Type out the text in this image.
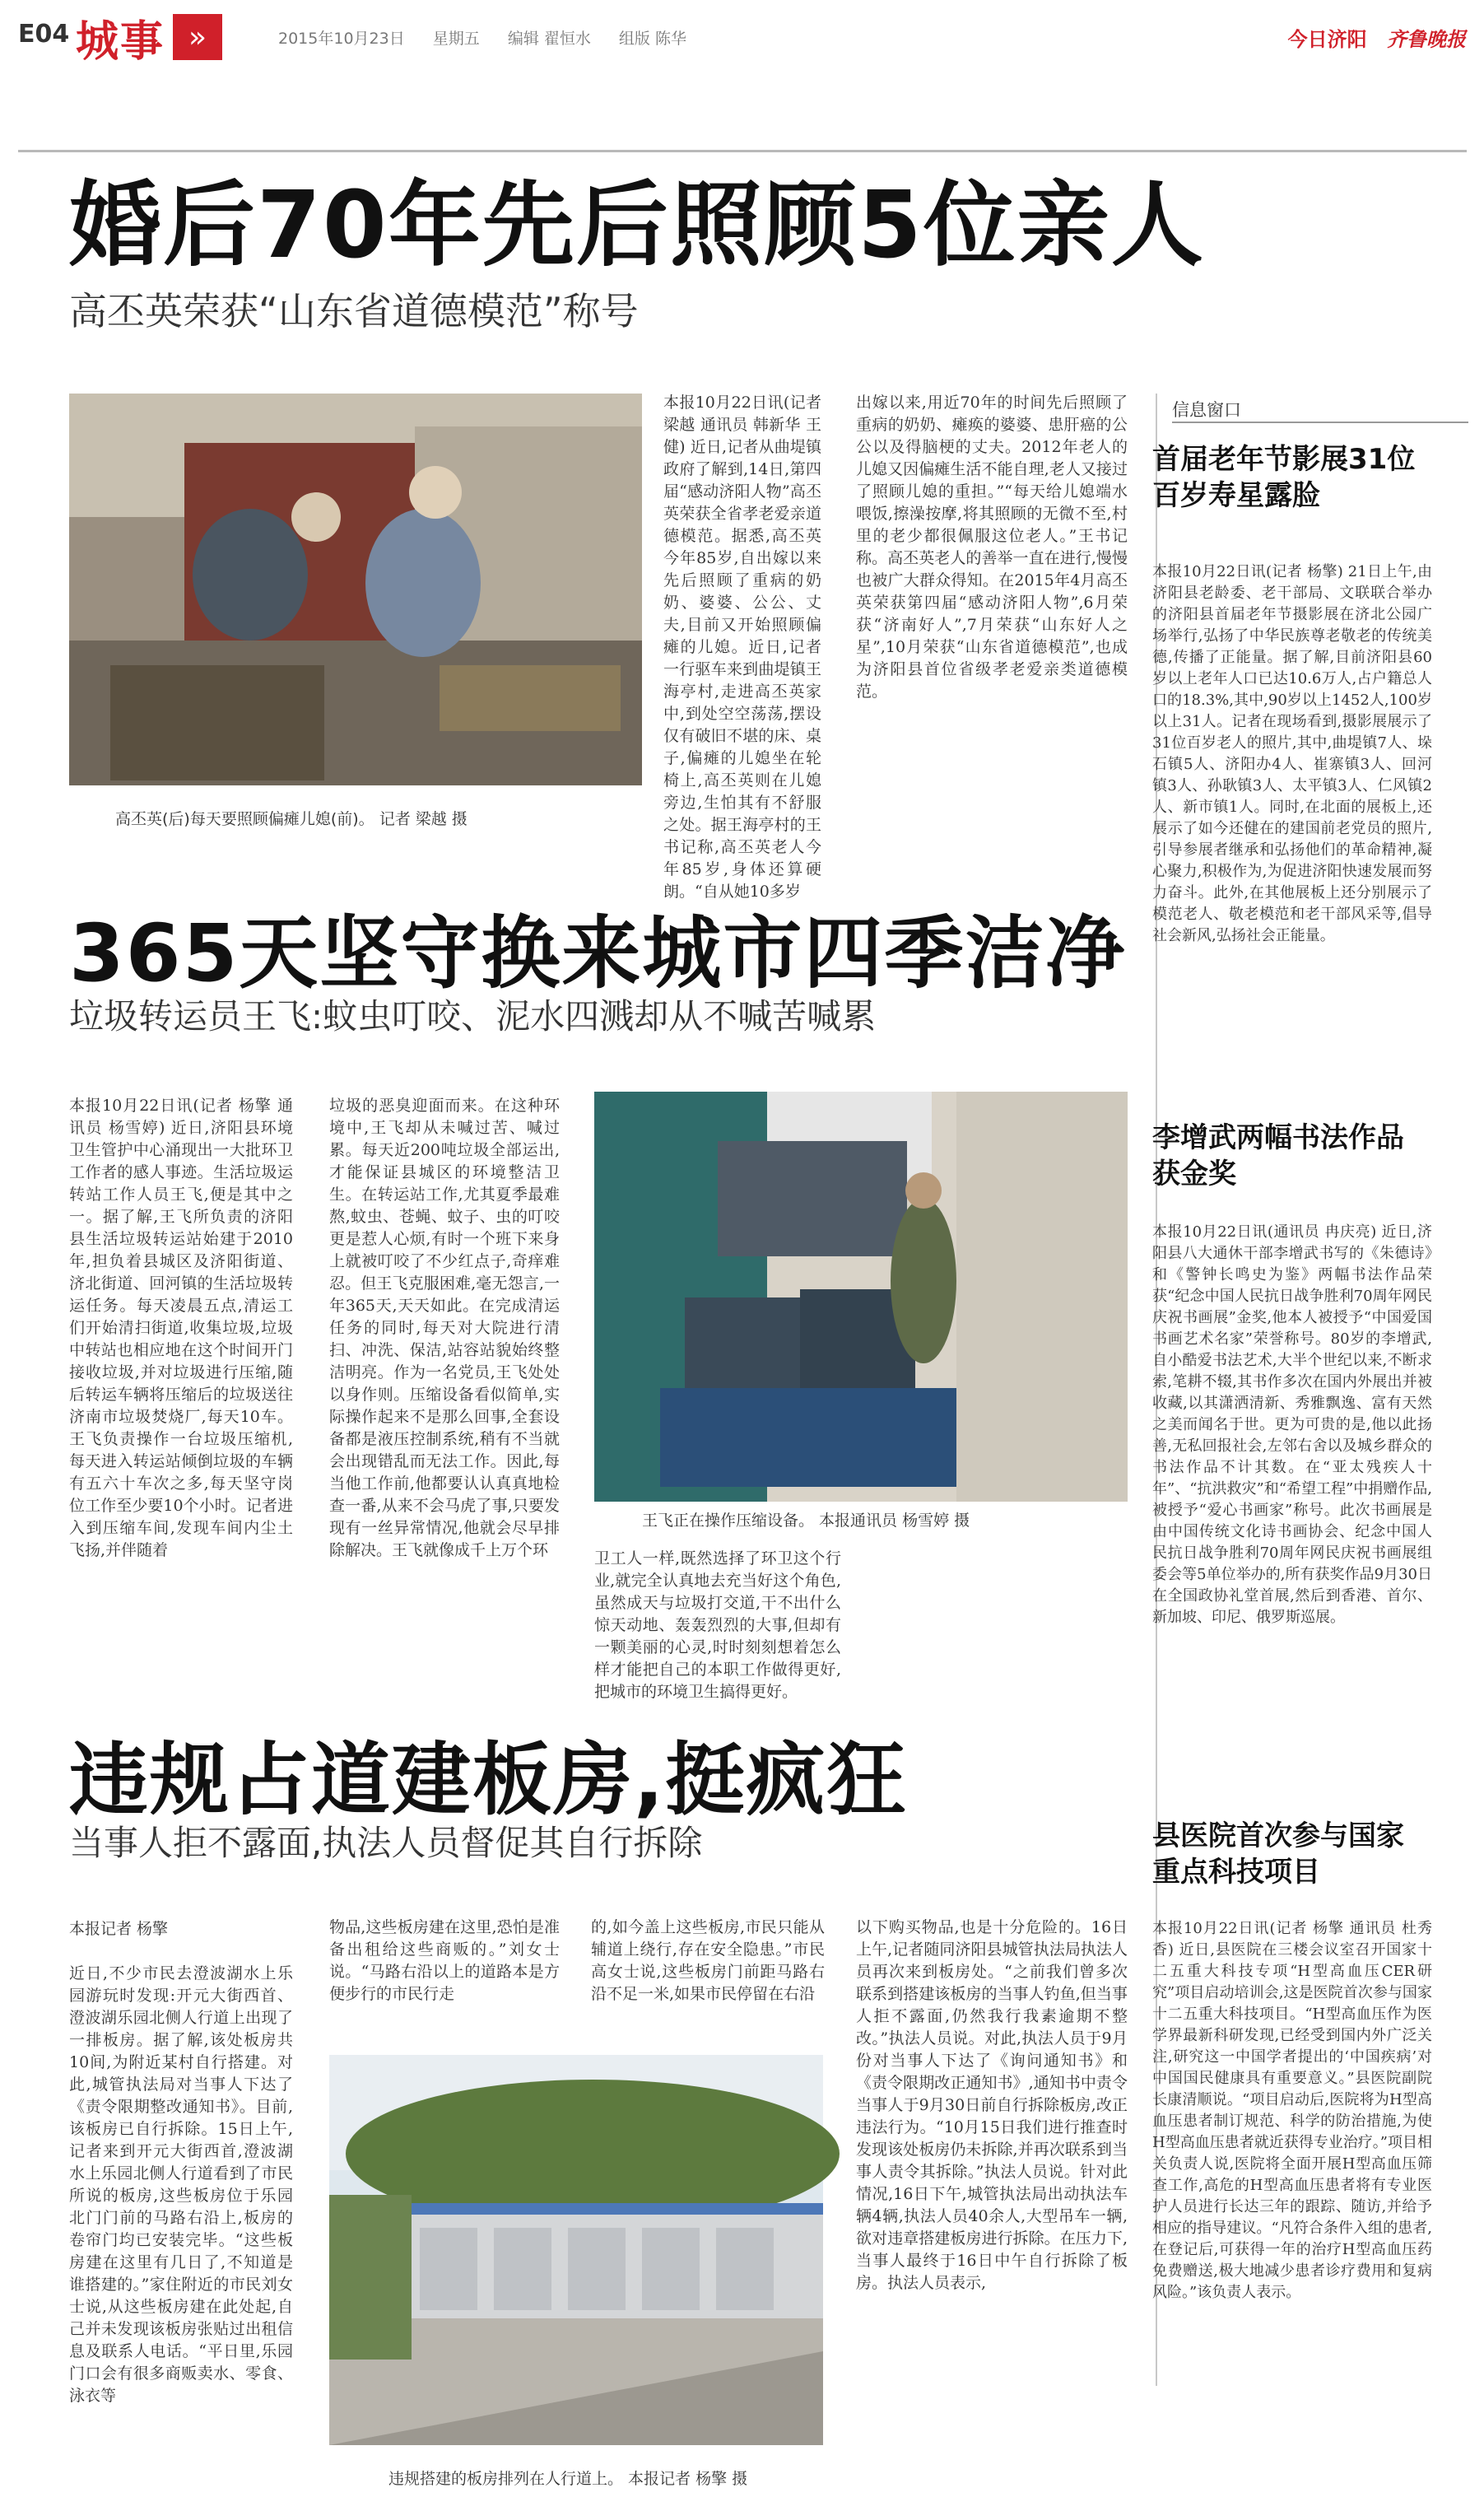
E04 城事 »	2015年10月23日 星期五 编辑 翟恒水 组版 陈华	今日济阳 齐鲁晚报
婚后70年先后照顾5位亲人
高丕英荣获“山东省道德模范”称号
高丕英(后)每天要照顾偏瘫儿媳(前)。 记者 梁越 摄
本报10月22日讯(记者 梁越 通讯员 韩新华 王健) 近日,记者从曲堤镇政府了解到,14日,第四届“感动济阳人物”高丕英荣获全省孝老爱亲道德模范。据悉,高丕英今年85岁,自出嫁以来先后照顾了重病的奶奶、婆婆、公公、丈夫,目前又开始照顾偏瘫的儿媳。近日,记者一行驱车来到曲堤镇王海亭村,走进高丕英家中,到处空空荡荡,摆设仅有破旧不堪的床、桌子,偏瘫的儿媳坐在轮椅上,高丕英则在儿媳旁边,生怕其有不舒服之处。据王海亭村的王书记称,高丕英老人今年85岁,身体还算硬朗。“自从她10多岁
出嫁以来,用近70年的时间先后照顾了重病的奶奶、瘫痪的婆婆、患肝癌的公公以及得脑梗的丈夫。2012年老人的儿媳又因偏瘫生活不能自理,老人又接过了照顾儿媳的重担。”“每天给儿媳端水喂饭,擦澡按摩,将其照顾的无微不至,村里的老少都很佩服这位老人。”王书记称。高丕英老人的善举一直在进行,慢慢也被广大群众得知。在2015年4月高丕英荣获第四届“感动济阳人物”,6月荣获“济南好人”,7月荣获“山东好人之星”,10月荣获“山东省道德模范”,也成为济阳县首位省级孝老爱亲类道德模范。
信息窗口
首届老年节影展31位百岁寿星露脸
本报10月22日讯(记者 杨擎) 21日上午,由济阳县老龄委、老干部局、文联联合举办的济阳县首届老年节摄影展在济北公园广场举行,弘扬了中华民族尊老敬老的传统美德,传播了正能量。据了解,目前济阳县60岁以上老年人口已达10.6万人,占户籍总人口的18.3%,其中,90岁以上1452人,100岁以上31人。记者在现场看到,摄影展展示了31位百岁老人的照片,其中,曲堤镇7人、垛石镇5人、济阳办4人、崔寨镇3人、回河镇3人、孙耿镇3人、太平镇3人、仁风镇2人、新市镇1人。同时,在北面的展板上,还展示了如今还健在的建国前老党员的照片,引导参展者继承和弘扬他们的革命精神,凝心聚力,积极作为,为促进济阳快速发展而努力奋斗。此外,在其他展板上还分别展示了模范老人、敬老模范和老干部风采等,倡导社会新风,弘扬社会正能量。
李增武两幅书法作品获金奖
本报10月22日讯(通讯员 冉庆亮) 近日,济阳县八大通休干部李增武书写的《朱德诗》和《警钟长鸣史为鉴》两幅书法作品荣获“纪念中国人民抗日战争胜利70周年网民庆祝书画展”金奖,他本人被授予“中国爱国书画艺术名家”荣誉称号。80岁的李增武,自小酷爱书法艺术,大半个世纪以来,不断求索,笔耕不辍,其书作多次在国内外展出并被收藏,以其潇洒清新、秀雅飘逸、富有天然之美而闻名于世。更为可贵的是,他以此扬善,无私回报社会,左邻右舍以及城乡群众的书法作品不计其数。在“亚太残疾人十年”、“抗洪救灾”和“希望工程”中捐赠作品,被授予“爱心书画家”称号。此次书画展是由中国传统文化诗书画协会、纪念中国人民抗日战争胜利70周年网民庆祝书画展组委会等5单位举办的,所有获奖作品9月30日在全国政协礼堂首展,然后到香港、首尔、新加坡、印尼、俄罗斯巡展。
县医院首次参与国家重点科技项目
本报10月22日讯(记者 杨擎 通讯员 杜秀香) 近日,县医院在三楼会议室召开国家十二五重大科技专项“H型高血压CER研究”项目启动培训会,这是医院首次参与国家十二五重大科技项目。“H型高血压作为医学界最新科研发现,已经受到国内外广泛关注,研究这一中国学者提出的‘中国疾病’对中国国民健康具有重要意义。”县医院副院长康清顺说。“项目启动后,医院将为H型高血压患者制订规范、科学的防治措施,为使H型高血压患者就近获得专业治疗。”项目相关负责人说,医院将全面开展H型高血压筛查工作,高危的H型高血压患者将有专业医护人员进行长达三年的跟踪、随访,并给予相应的指导建议。“凡符合条件入组的患者,在登记后,可获得一年的治疗H型高血压药免费赠送,极大地减少患者诊疗费用和复病风险。”该负责人表示。
365天坚守换来城市四季洁净
垃圾转运员王飞:蚊虫叮咬、泥水四溅却从不喊苦喊累
本报10月22日讯(记者 杨擎 通讯员 杨雪婷) 近日,济阳县环境卫生管护中心涌现出一大批环卫工作者的感人事迹。生活垃圾运转站工作人员王飞,便是其中之一。据了解,王飞所负责的济阳县生活垃圾转运站始建于2010年,担负着县城区及济阳街道、济北街道、回河镇的生活垃圾转运任务。每天凌晨五点,清运工们开始清扫街道,收集垃圾,垃圾中转站也相应地在这个时间开门接收垃圾,并对垃圾进行压缩,随后转运车辆将压缩后的垃圾送往济南市垃圾焚烧厂,每天10车。王飞负责操作一台垃圾压缩机,每天进入转运站倾倒垃圾的车辆有五六十车次之多,每天坚守岗位工作至少要10个小时。记者进入到压缩车间,发现车间内尘土飞扬,并伴随着
垃圾的恶臭迎面而来。在这种环境中,王飞却从未喊过苦、喊过累。每天近200吨垃圾全部运出,才能保证县城区的环境整洁卫生。在转运站工作,尤其夏季最难熬,蚊虫、苍蝇、蚊子、虫的叮咬更是惹人心烦,有时一个班下来身上就被叮咬了不少红点子,奇痒难忍。但王飞克服困难,毫无怨言,一年365天,天天如此。在完成清运任务的同时,每天对大院进行清扫、冲洗、保洁,站容站貌始终整洁明亮。作为一名党员,王飞处处以身作则。压缩设备看似简单,实际操作起来不是那么回事,全套设备都是液压控制系统,稍有不当就会出现错乱而无法工作。因此,每当他工作前,他都要认认真真地检查一番,从来不会马虎了事,只要发现有一丝异常情况,他就会尽早排除解决。王飞就像成千上万个环
王飞正在操作压缩设备。 本报通讯员 杨雪婷 摄
卫工人一样,既然选择了环卫这个行业,就完全认真地去充当好这个角色,虽然成天与垃圾打交道,干不出什么惊天动地、轰轰烈烈的大事,但却有一颗美丽的心灵,时时刻刻想着怎么样才能把自己的本职工作做得更好,把城市的环境卫生搞得更好。
违规占道建板房,挺疯狂
当事人拒不露面,执法人员督促其自行拆除
本报记者 杨擎
近日,不少市民去澄波湖水上乐园游玩时发现:开元大街西首、澄波湖乐园北侧人行道上出现了一排板房。据了解,该处板房共10间,为附近某村自行搭建。对此,城管执法局对当事人下达了《责令限期整改通知书》。目前,该板房已自行拆除。15日上午,记者来到开元大街西首,澄波湖水上乐园北侧人行道看到了市民所说的板房,这些板房位于乐园北门门前的马路右沿上,板房的卷帘门均已安装完毕。“这些板房建在这里有几日了,不知道是谁搭建的。”家住附近的市民刘女士说,从这些板房建在此处起,自己并未发现该板房张贴过出租信息及联系人电话。“平日里,乐园门口会有很多商贩卖水、零食、泳衣等
物品,这些板房建在这里,恐怕是准备出租给这些商贩的。”刘女士说。“马路右沿以上的道路本是方便步行的市民行走
的,如今盖上这些板房,市民只能从辅道上绕行,存在安全隐患。”市民高女士说,这些板房门前距马路右沿不足一米,如果市民停留在右沿
以下购买物品,也是十分危险的。16日上午,记者随同济阳县城管执法局执法人员再次来到板房处。“之前我们曾多次联系到搭建该板房的当事人钓鱼,但当事人拒不露面,仍然我行我素逾期不整改。”执法人员说。对此,执法人员于9月份对当事人下达了《询问通知书》和《责令限期改正通知书》,通知书中责令当事人于9月30日前自行拆除板房,改正违法行为。“10月15日我们进行推查时发现该处板房仍未拆除,并再次联系到当事人责令其拆除。”执法人员说。针对此情况,16日下午,城管执法局出动执法车辆4辆,执法人员40余人,大型吊车一辆,欲对违章搭建板房进行拆除。在压力下,当事人最终于16日中午自行拆除了板房。执法人员表示,
违规搭建的板房排列在人行道上。 本报记者 杨擎 摄
